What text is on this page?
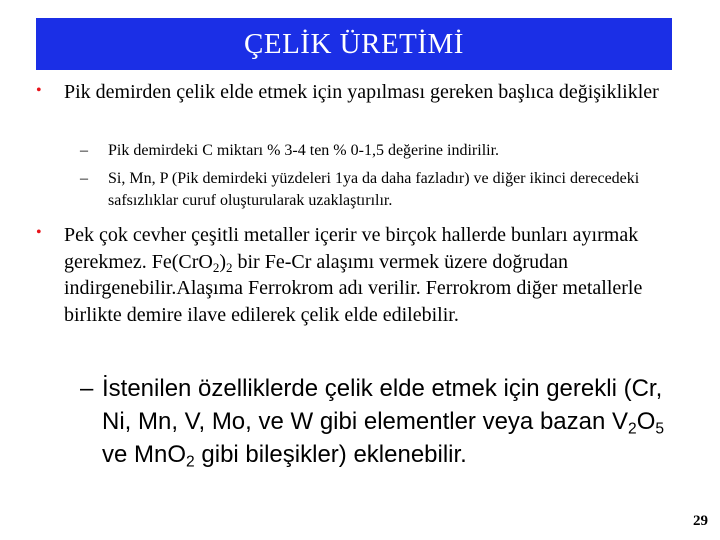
ÇELİK ÜRETİMİ
•	Pik demirden çelik elde etmek için yapılması gereken başlıca değişiklikler
–	Pik demirdeki C miktarı % 3-4 ten % 0-1,5 değerine indirilir.
–	Si, Mn, P (Pik demirdeki yüzdeleri 1ya da daha fazladır) ve diğer ikinci derecedeki safsızlıklar curuf oluşturularak uzaklaştırılır.
•	Pek çok cevher çeşitli metaller içerir ve birçok hallerde bunları ayırmak gerekmez. $Fe(CrO_2)_2$ bir Fe-Cr alaşımı vermek üzere doğrudan indirgenebilir.Alaşıma Ferrokrom adı verilir. Ferrokrom diğer metallerle birlikte demire ilave edilerek çelik elde edilebilir.
– İstenilen özelliklerde çelik elde etmek için gerekli (Cr, Ni, Mn, V, Mo, ve W gibi elementler veya bazan $V_2O_5$ ve MnO$_2$ gibi bileşikler) eklenebilir.
29
